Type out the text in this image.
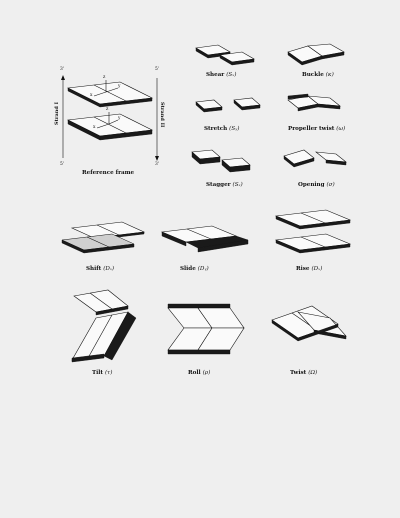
3'
5'
5'
3'
Strand I	Strand II
x
z
y
x
z
y
Reference frame
Shear (Sₓ)	Buckle (κ)
Stretch (Sᵧ)	Propeller twist (ω)
Stagger (Sₓ)	Opening (σ)
Shift (Dₓ)	Slide (Dᵧ)	Rise (Dₓ)
Tilt (τ)	Roll (ρ)	Twist (Ω)
